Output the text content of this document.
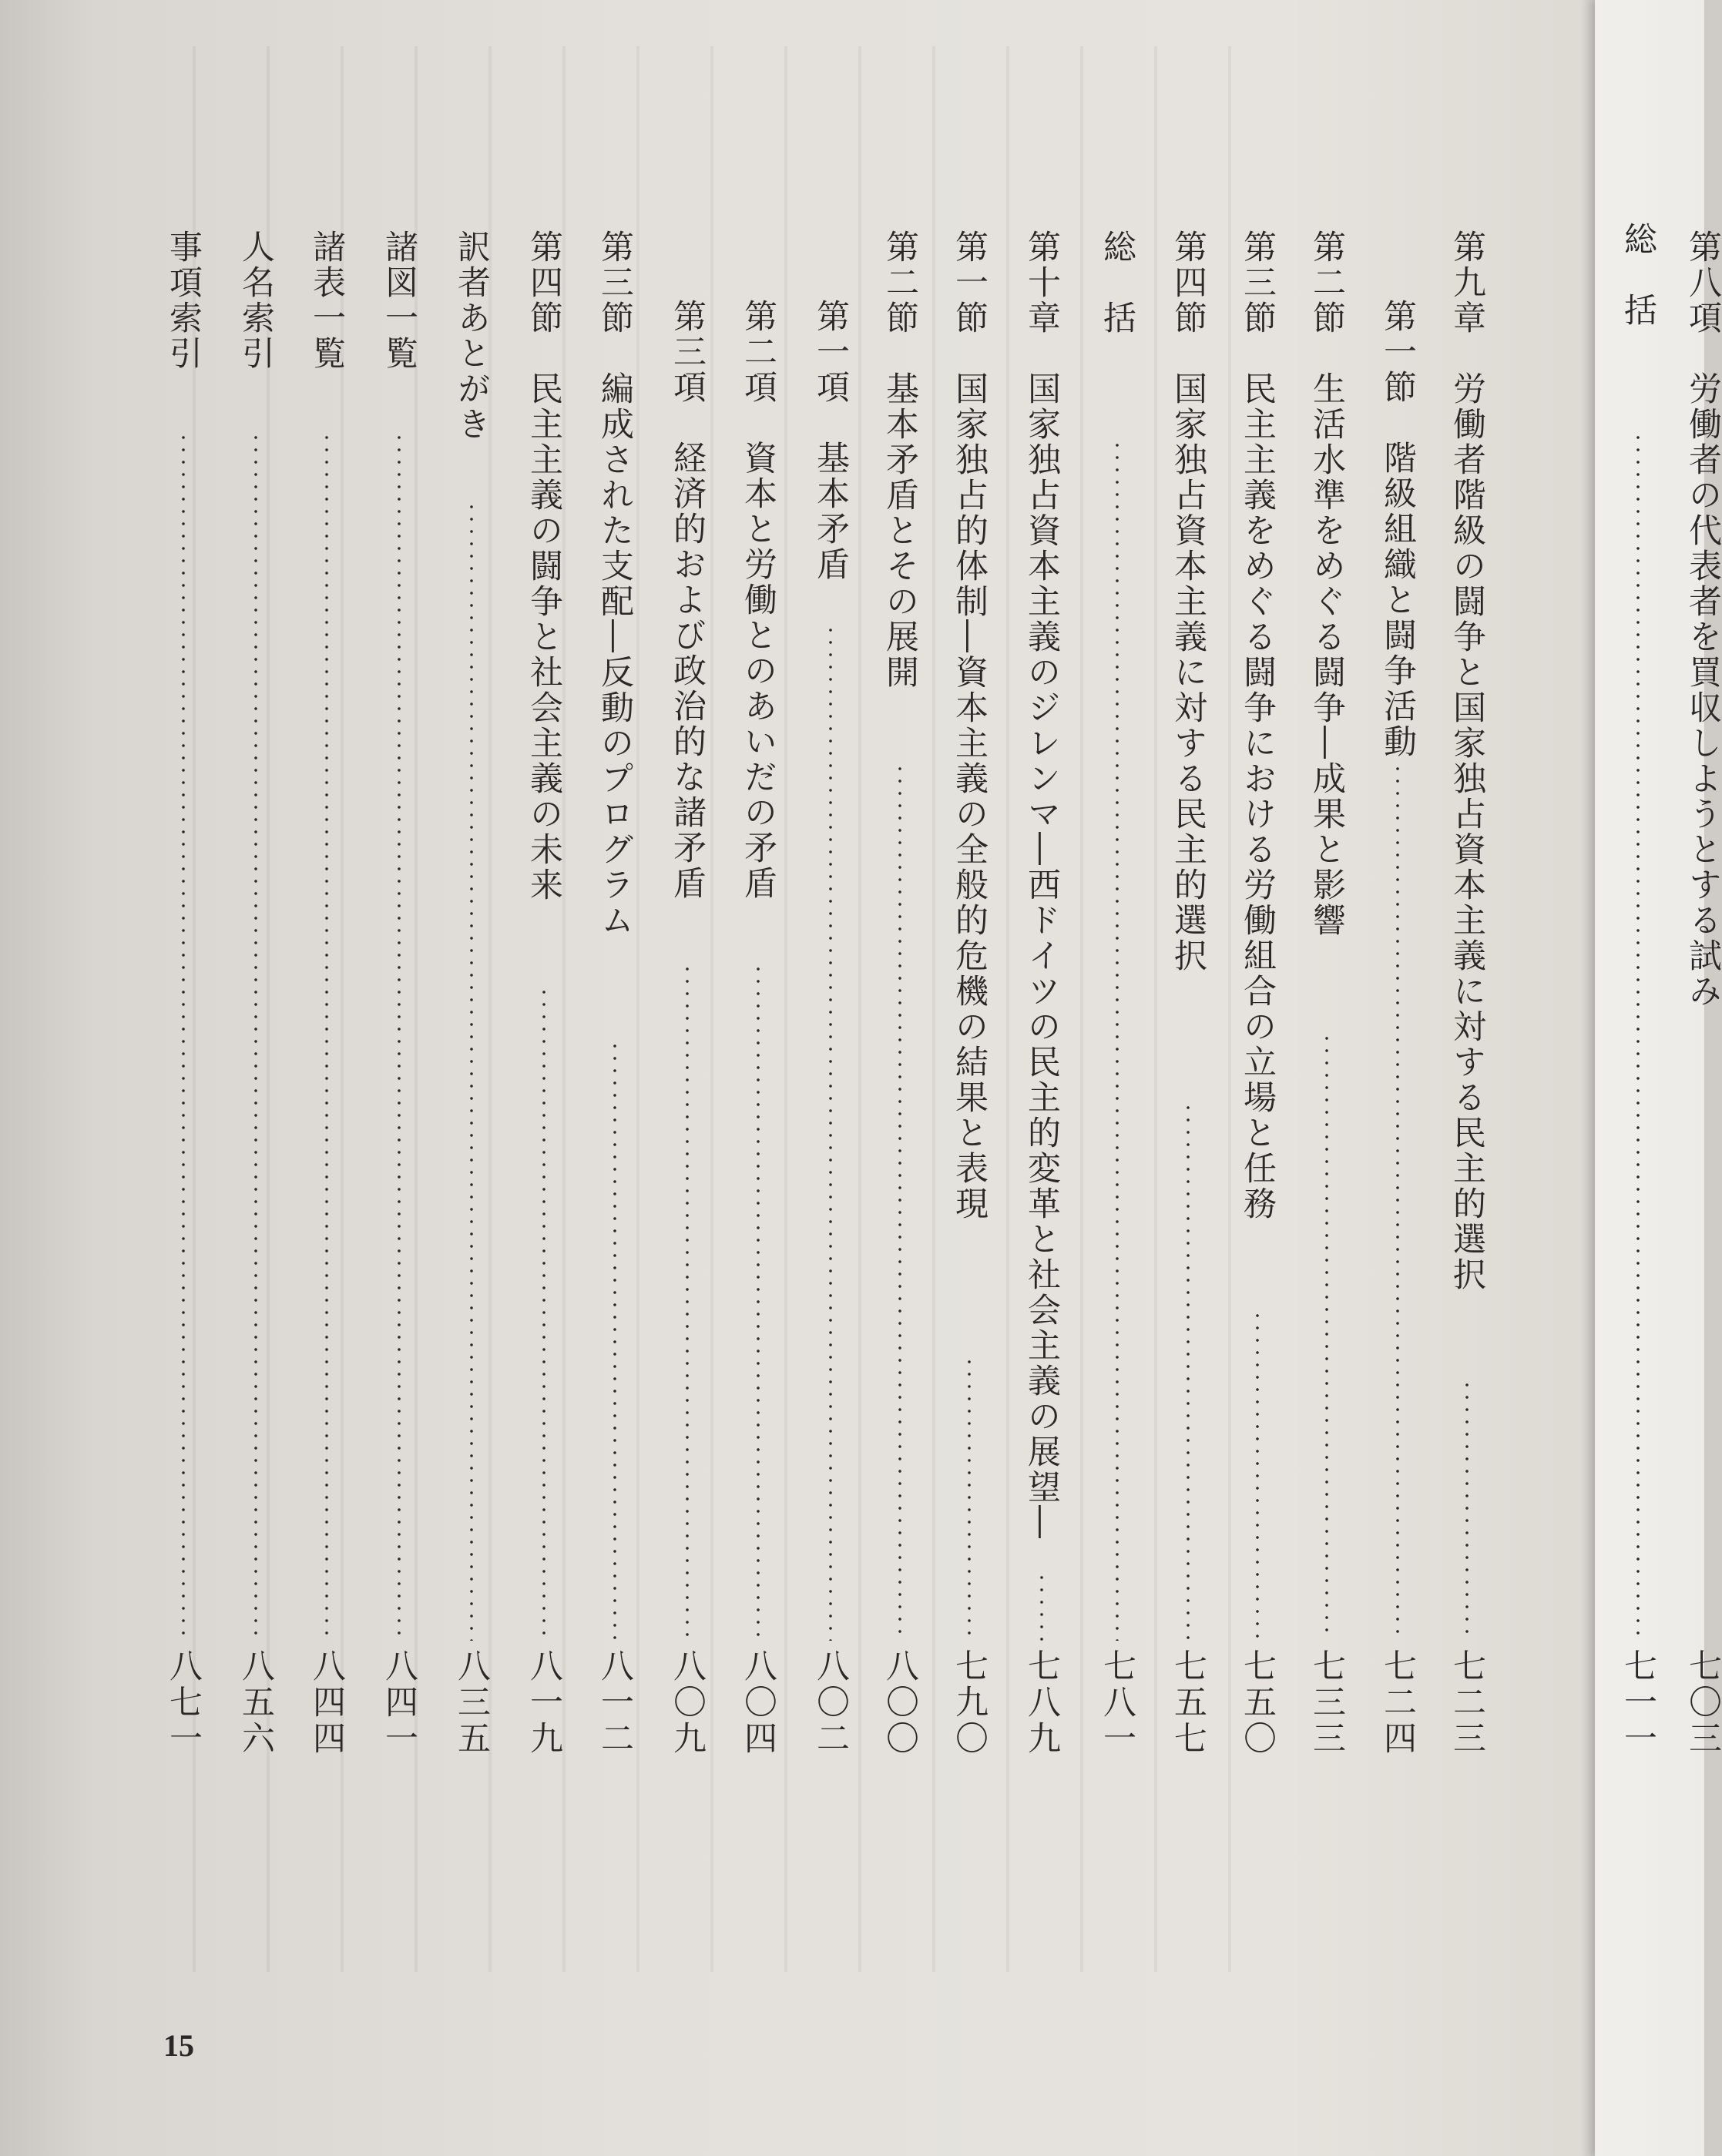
第九章　労働者階級の闘争と国家独占資本主義に対する民主的選択
七二三
第一節　階級組織と闘争活動
七二四
第二節　生活水準をめぐる闘争―成果と影響
七三三
第三節　民主主義をめぐる闘争における労働組合の立場と任務
七五〇
第四節　国家独占資本主義に対する民主的選択
七五七
総　括
七八一
第十章　国家独占資本主義のジレンマ―西ドイツの民主的変革と社会主義の展望―
七八九
第一節　国家独占的体制―資本主義の全般的危機の結果と表現
七九〇
第二節　基本矛盾とその展開
八〇〇
第一項　基本矛盾
八〇二
第二項　資本と労働とのあいだの矛盾
八〇四
第三項　経済的および政治的な諸矛盾
八〇九
第三節　編成された支配―反動のプログラム
八一二
第四節　民主主義の闘争と社会主義の未来
八一九
訳者あとがき
八三五
諸図一覧
八四一
諸表一覧
八四四
人名索引
八五六
事項索引
八七一
15
総　括
七一一
第八項　労働者の代表者を買収しようとする試み
七〇三
